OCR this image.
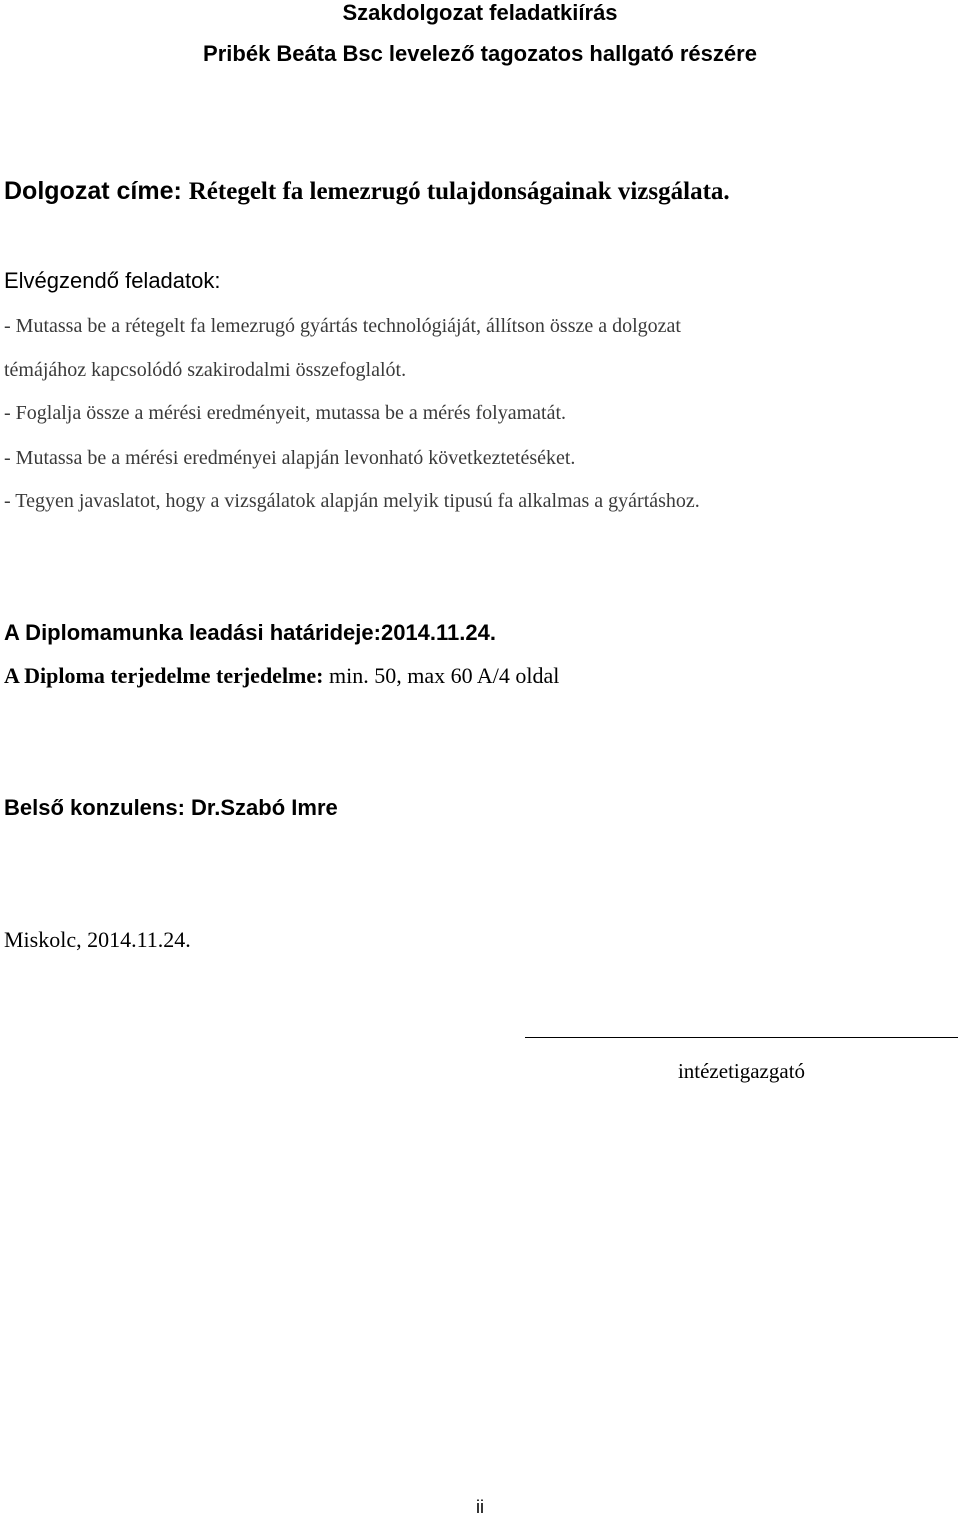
Szakdolgozat feladatkiírás
Pribék Beáta Bsc levelező tagozatos hallgató részére
Dolgozat címe: Rétegelt fa lemezrugó tulajdonságainak vizsgálata.
Elvégzendő feladatok:
- Mutassa be a rétegelt fa lemezrugó gyártás technológiáját, állítson össze a dolgozat
témájához kapcsolódó szakirodalmi összefoglalót.
- Foglalja össze a mérési eredményeit, mutassa be a mérés folyamatát.
- Mutassa be a mérési eredményei alapján levonható következtetéséket.
- Tegyen javaslatot, hogy a vizsgálatok alapján melyik tipusú fa alkalmas a gyártáshoz.
A Diplomamunka leadási határideje:2014.11.24.
A Diploma terjedelme terjedelme: min. 50, max 60 A/4 oldal
Belső konzulens: Dr.Szabó Imre
Miskolc, 2014.11.24.
intézetigazgató
ii
